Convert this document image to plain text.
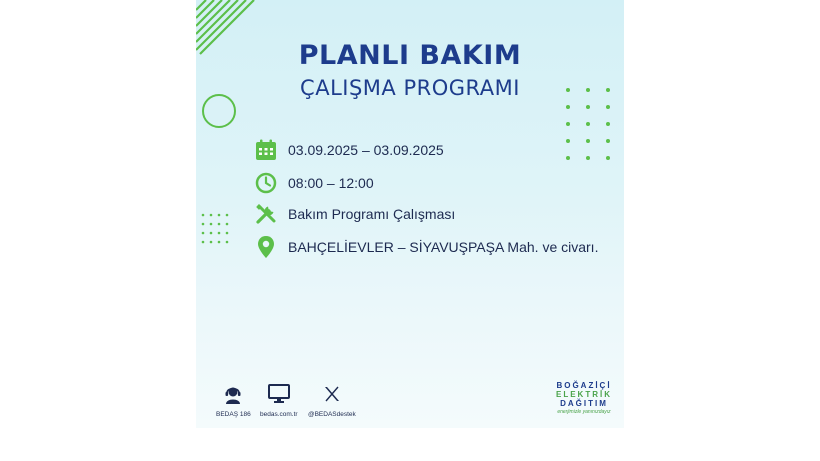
PLANLI BAKIM
ÇALIŞMA PROGRAMI
03.09.2025 – 03.09.2025
08:00 – 12:00
Bakım Programı Çalışması
BAHÇELİEVLER – SİYAVUŞPAŞA Mah. ve civarı.
BEDAŞ 186 bedas.com.tr @BEDASdestek
BOĞAZİÇİ
ELEKTRİK
DAĞITIM
enerjimizle yanınızdayız
